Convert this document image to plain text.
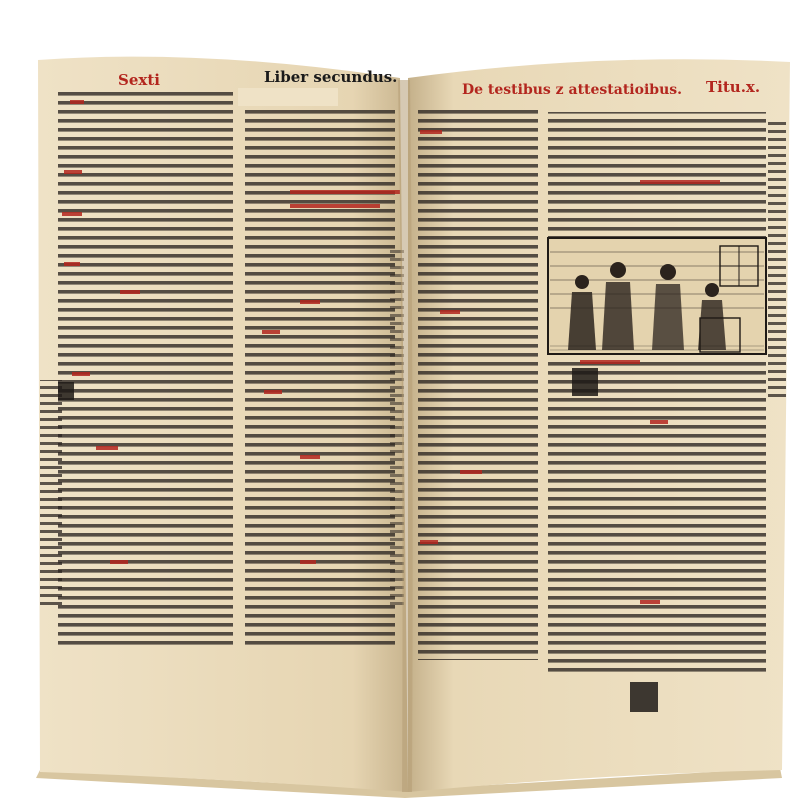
Sexti	Liber secundus.
De testibus z attestatioibus. Titu.x.
